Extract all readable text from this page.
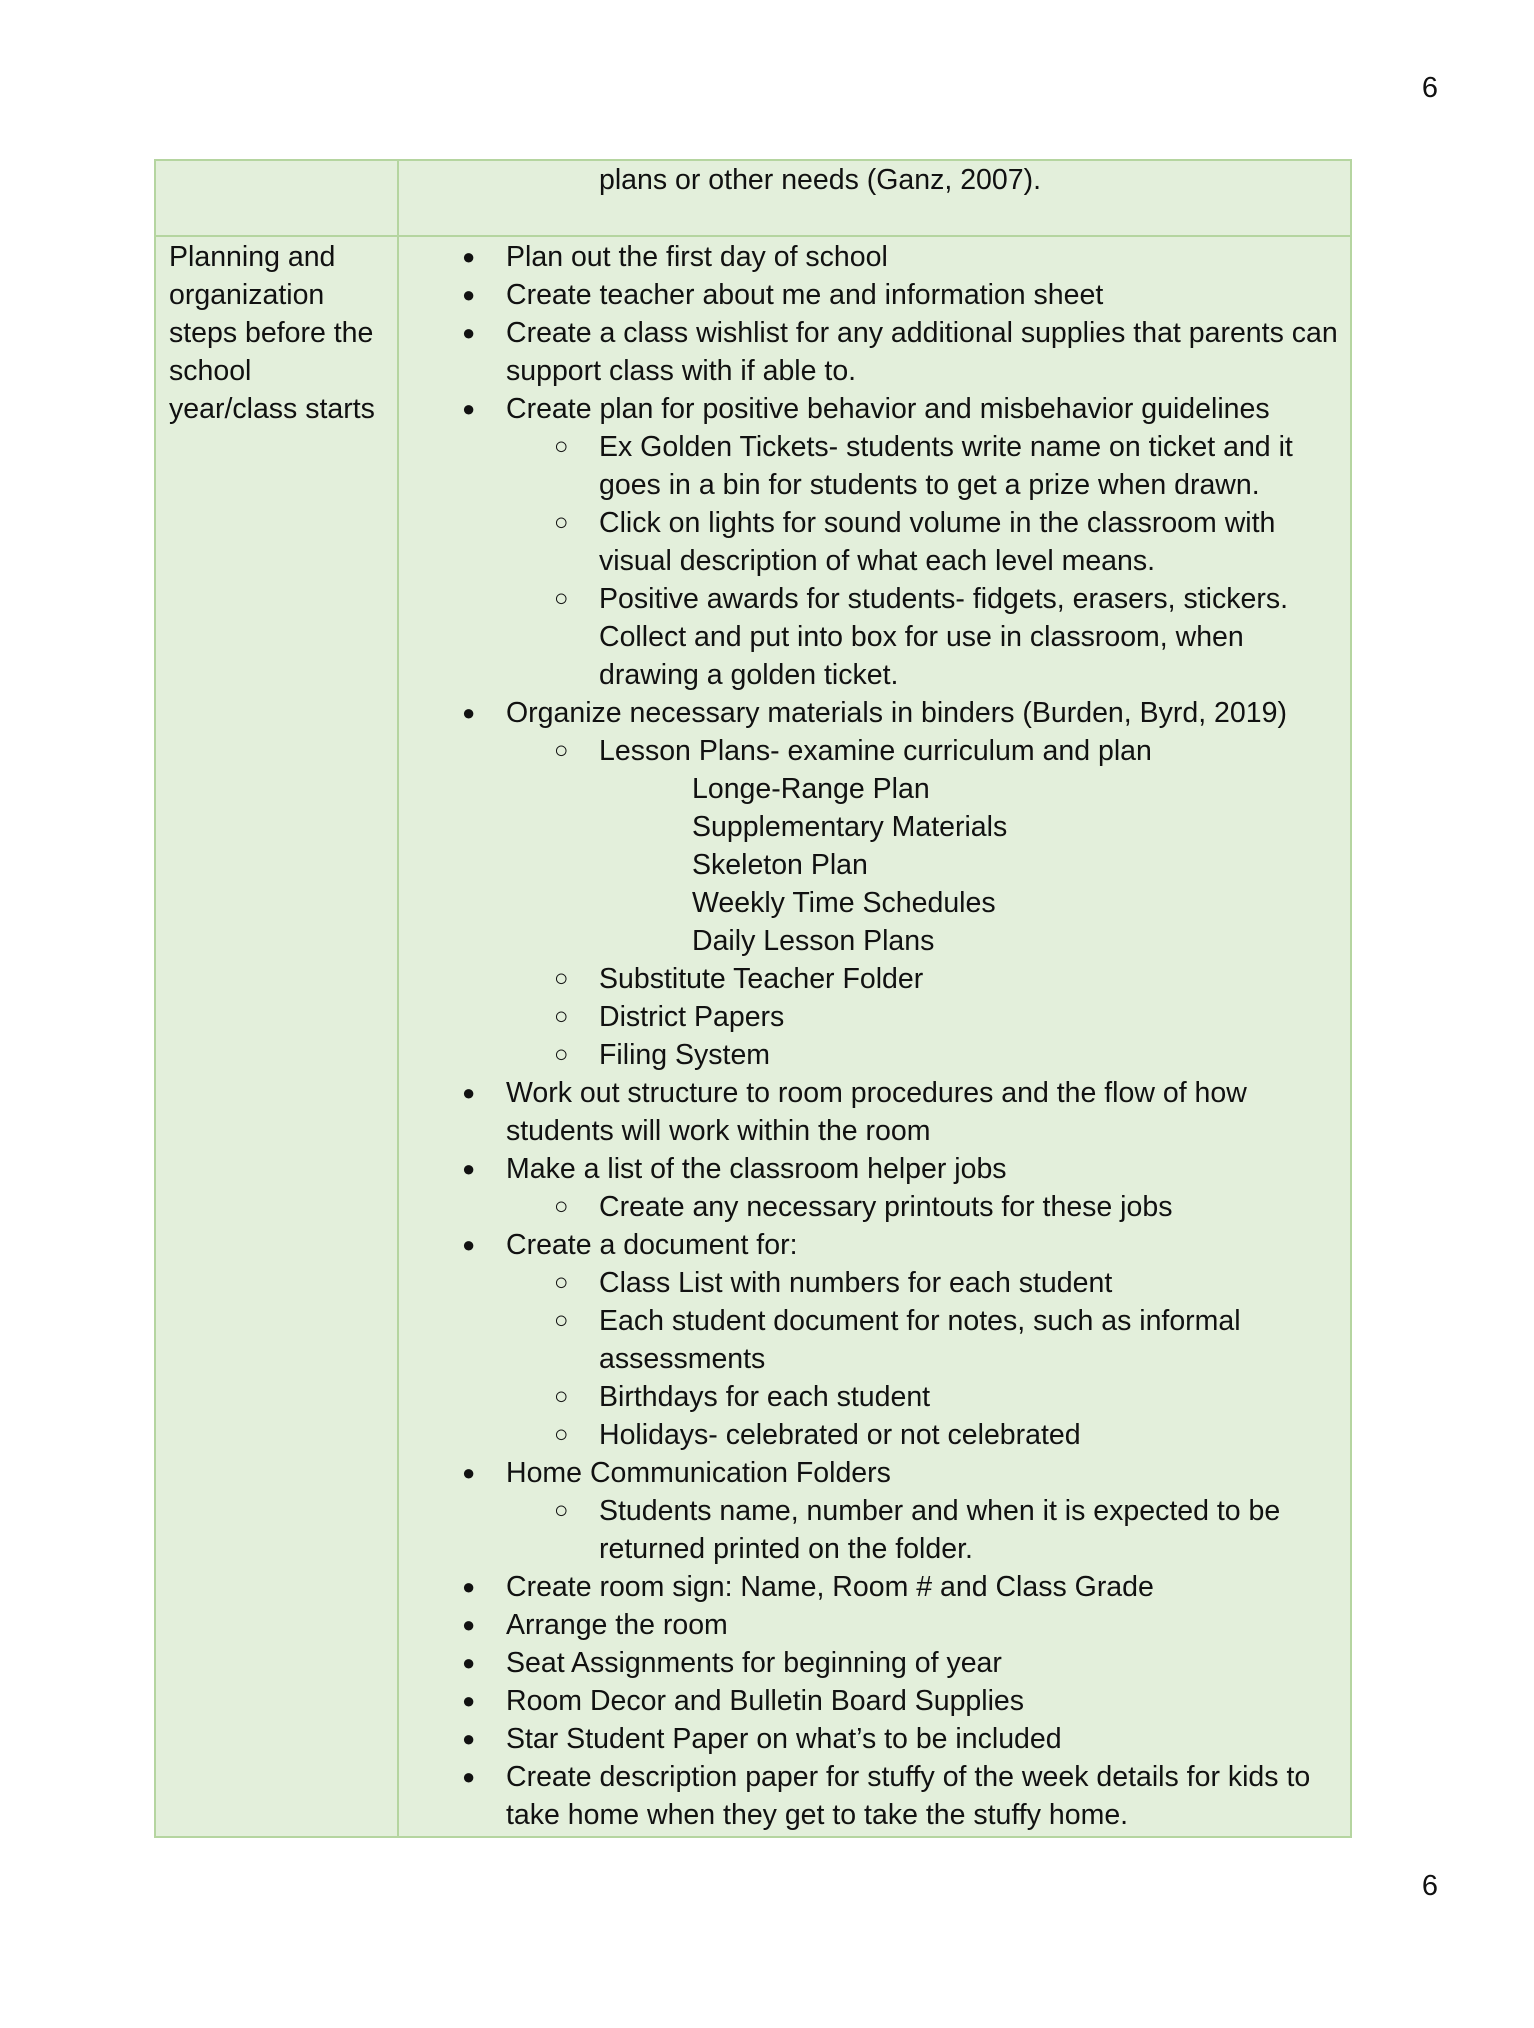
6
plans or other needs (Ganz, 2007).
Planning and
organization
steps before the
school
year/class starts
● Plan out the first day of school
● Create teacher about me and information sheet
● Create a class wishlist for any additional supplies that parents can
support class with if able to.
● Create plan for positive behavior and misbehavior guidelines
○ Ex Golden Tickets- students write name on ticket and it
goes in a bin for students to get a prize when drawn.
○ Click on lights for sound volume in the classroom with
visual description of what each level means.
○ Positive awards for students- fidgets, erasers, stickers.
Collect and put into box for use in classroom, when
drawing a golden ticket.
● Organize necessary materials in binders (Burden, Byrd, 2019)
○ Lesson Plans- examine curriculum and plan
Longe-Range Plan
Supplementary Materials
Skeleton Plan
Weekly Time Schedules
Daily Lesson Plans
○ Substitute Teacher Folder
○ District Papers
○ Filing System
● Work out structure to room procedures and the flow of how
students will work within the room
● Make a list of the classroom helper jobs
○ Create any necessary printouts for these jobs
● Create a document for:
○ Class List with numbers for each student
○ Each student document for notes, such as informal
assessments
○ Birthdays for each student
○ Holidays- celebrated or not celebrated
● Home Communication Folders
○ Students name, number and when it is expected to be
returned printed on the folder.
● Create room sign: Name, Room # and Class Grade
● Arrange the room
● Seat Assignments for beginning of year
● Room Decor and Bulletin Board Supplies
● Star Student Paper on what’s to be included
● Create description paper for stuffy of the week details for kids to
take home when they get to take the stuffy home.
6
